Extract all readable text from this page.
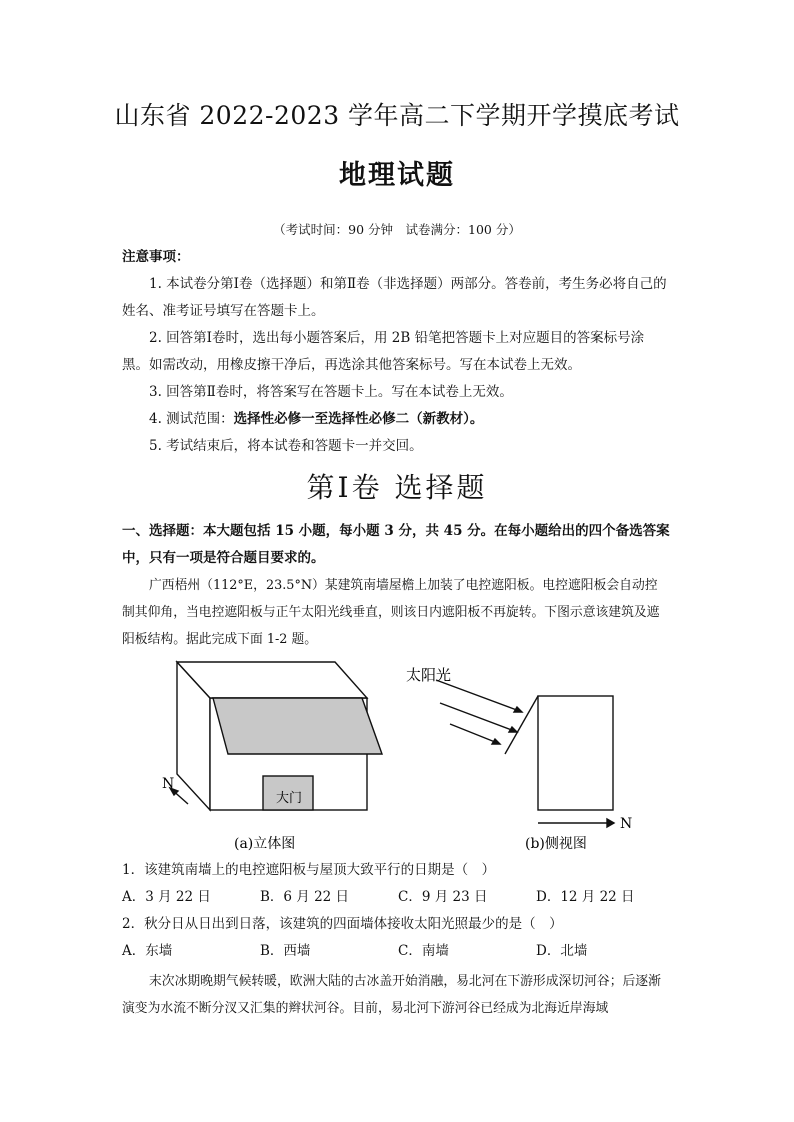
山东省 2022-2023 学年高二下学期开学摸底考试
地理试题
（考试时间：90 分钟　试卷满分：100 分）
注意事项：
1. 本试卷分第Ⅰ卷（选择题）和第Ⅱ卷（非选择题）两部分。答卷前，考生务必将自己的姓名、准考证号填写在答题卡上。
2. 回答第Ⅰ卷时，选出每小题答案后，用 2B 铅笔把答题卡上对应题目的答案标号涂黑。如需改动，用橡皮擦干净后，再选涂其他答案标号。写在本试卷上无效。
3. 回答第Ⅱ卷时，将答案写在答题卡上。写在本试卷上无效。
4. 测试范围：选择性必修一至选择性必修二（新教材）。
5. 考试结束后，将本试卷和答题卡一并交回。
第Ⅰ卷 选择题
一、选择题：本大题包括 15 小题，每小题 3 分，共 45 分。在每小题给出的四个备选答案中，只有一项是符合题目要求的。
广西梧州（112°E，23.5°N）某建筑南墙屋檐上加装了电控遮阳板。电控遮阳板会自动控制其仰角，当电控遮阳板与正午太阳光线垂直，则该日内遮阳板不再旋转。下图示意该建筑及遮阳板结构。据此完成下面 1-2 题。
大门
N
太阳光
N
(a)立体图	(b)侧视图
1．该建筑南墙上的电控遮阳板与屋顶大致平行的日期是（　）
A．3 月 22 日	B．6 月 22 日	C．9 月 23 日	D．12 月 22 日
2．秋分日从日出到日落，该建筑的四面墙体接收太阳光照最少的是（　）
A．东墙	B．西墙	C．南墙	D．北墙
末次冰期晚期气候转暖，欧洲大陆的古冰盖开始消融，易北河在下游形成深切河谷；后逐渐演变为水流不断分汊又汇集的辫状河谷。目前，易北河下游河谷已经成为北海近岸海域
